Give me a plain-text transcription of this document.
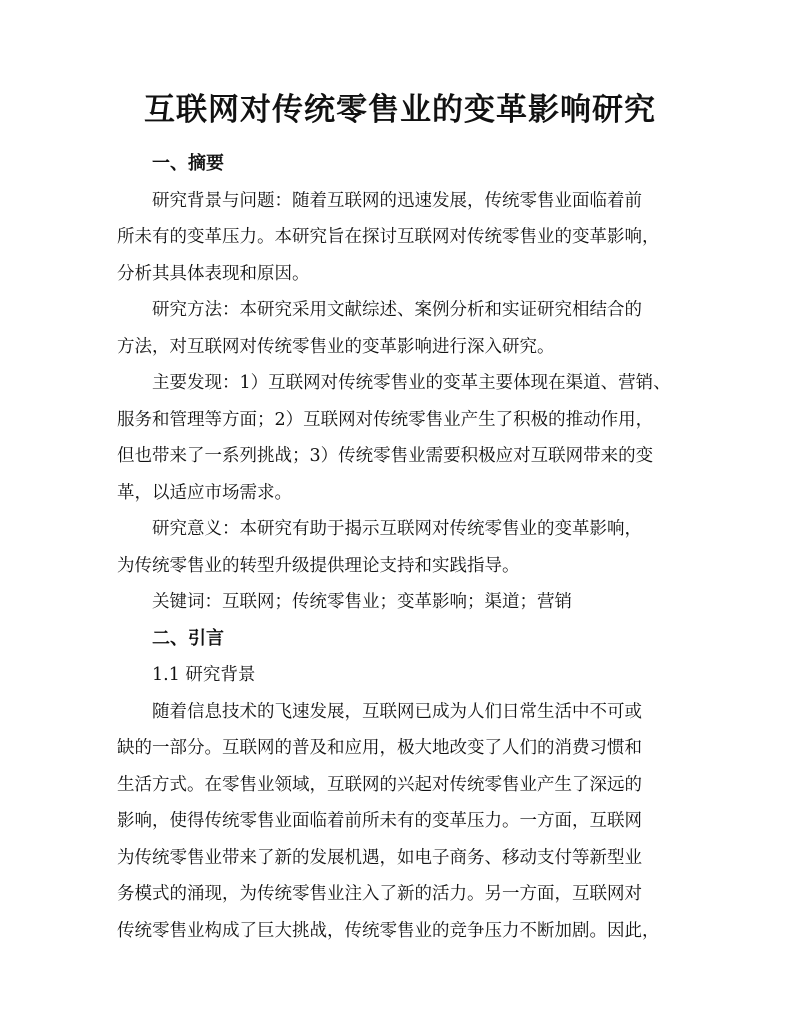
互联网对传统零售业的变革影响研究
一、摘要
研究背景与问题：随着互联网的迅速发展，传统零售业面临着前
所未有的变革压力。本研究旨在探讨互联网对传统零售业的变革影响，
分析其具体表现和原因。
研究方法：本研究采用文献综述、案例分析和实证研究相结合的
方法，对互联网对传统零售业的变革影响进行深入研究。
主要发现：1）互联网对传统零售业的变革主要体现在渠道、营销、
服务和管理等方面；2）互联网对传统零售业产生了积极的推动作用，
但也带来了一系列挑战；3）传统零售业需要积极应对互联网带来的变
革，以适应市场需求。
研究意义：本研究有助于揭示互联网对传统零售业的变革影响，
为传统零售业的转型升级提供理论支持和实践指导。
关键词：互联网；传统零售业；变革影响；渠道；营销
二、引言
1.1 研究背景
随着信息技术的飞速发展，互联网已成为人们日常生活中不可或
缺的一部分。互联网的普及和应用，极大地改变了人们的消费习惯和
生活方式。在零售业领域，互联网的兴起对传统零售业产生了深远的
影响，使得传统零售业面临着前所未有的变革压力。一方面，互联网
为传统零售业带来了新的发展机遇，如电子商务、移动支付等新型业
务模式的涌现，为传统零售业注入了新的活力。另一方面，互联网对
传统零售业构成了巨大挑战，传统零售业的竞争压力不断加剧。因此，
